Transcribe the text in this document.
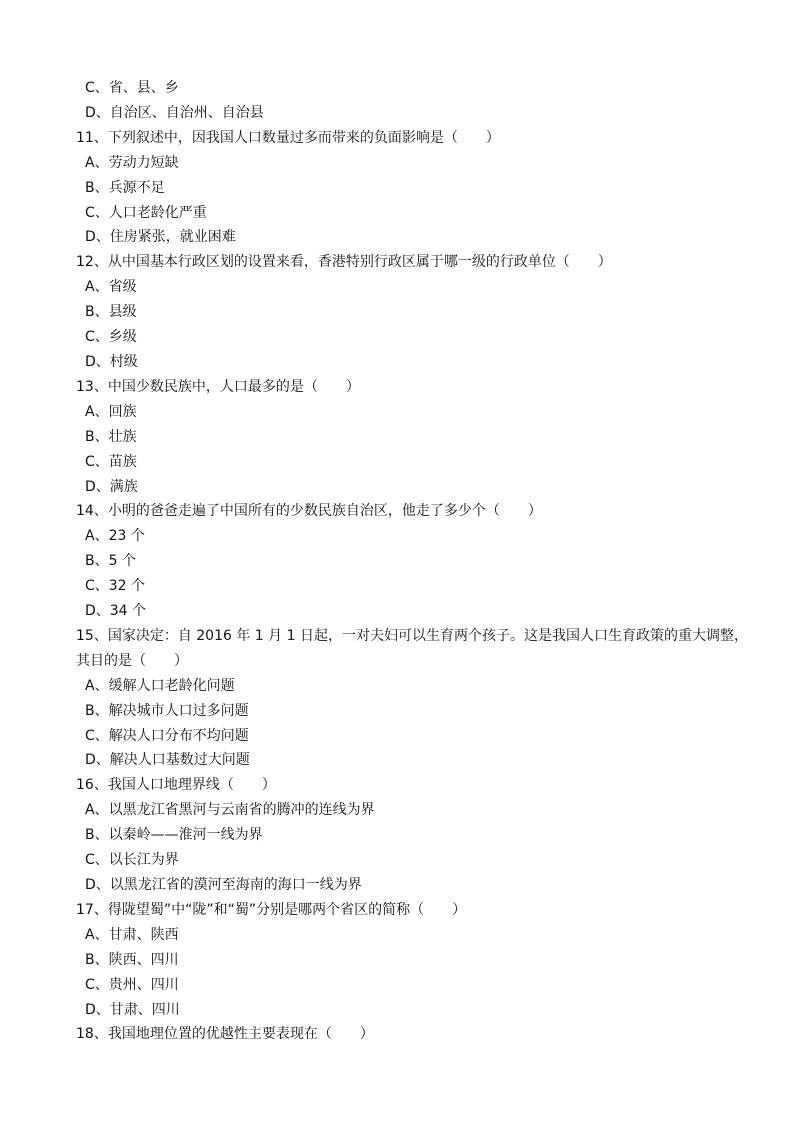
C、省、县、乡
D、自治区、自治州、自治县
11、下列叙述中，因我国人口数量过多而带来的负面影响是（　　）
A、劳动力短缺
B、兵源不足
C、人口老龄化严重
D、住房紧张，就业困难
12、从中国基本行政区划的设置来看，香港特别行政区属于哪一级的行政单位（　　）
A、省级
B、县级
C、乡级
D、村级
13、中国少数民族中，人口最多的是（　　）
A、回族
B、壮族
C、苗族
D、满族
14、小明的爸爸走遍了中国所有的少数民族自治区，他走了多少个（　　）
A、23 个
B、5 个
C、32 个
D、34 个
15、国家决定：自 2016 年 1 月 1 日起，一对夫妇可以生育两个孩子。这是我国人口生育政策的重大调整，
其目的是（　　）
A、缓解人口老龄化问题
B、解决城市人口过多问题
C、解决人口分布不均问题
D、解决人口基数过大问题
16、我国人口地理界线（　　）
A、以黑龙江省黑河与云南省的腾冲的连线为界
B、以秦岭——淮河一线为界
C、以长江为界
D、以黑龙江省的漠河至海南的海口一线为界
17、得陇望蜀”中“陇”和“蜀”分别是哪两个省区的简称（　　）
A、甘肃、陕西
B、陕西、四川
C、贵州、四川
D、甘肃、四川
18、我国地理位置的优越性主要表现在（　　）
